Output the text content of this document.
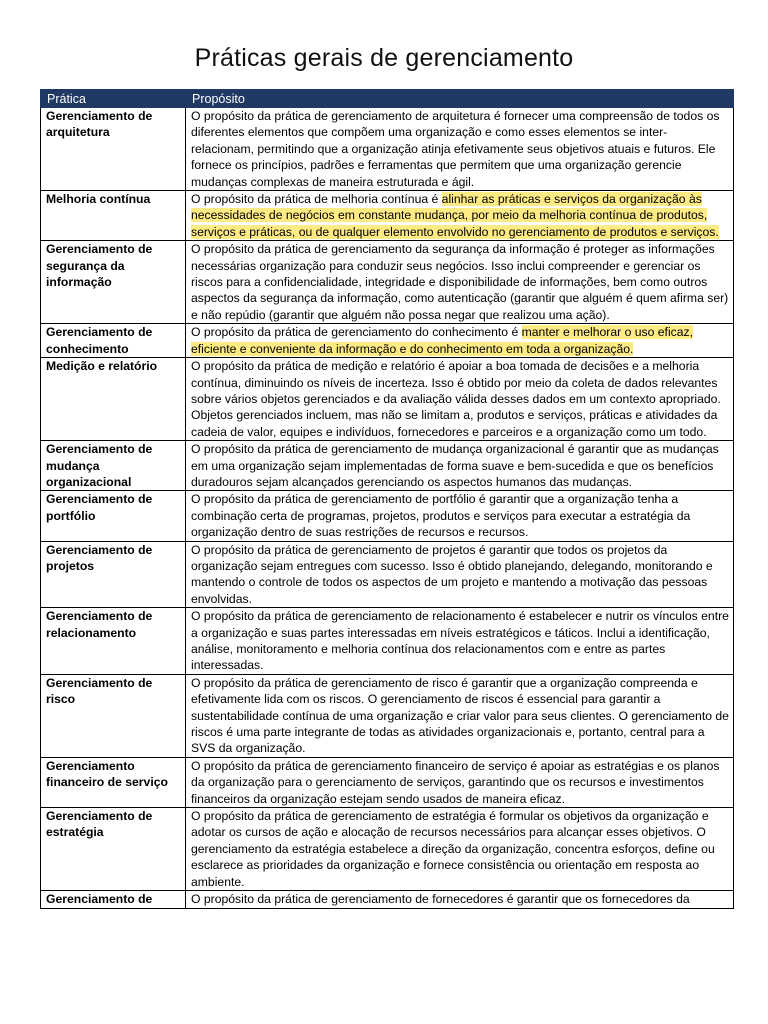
Práticas gerais de gerenciamento
Prática	Propósito
Gerenciamento de arquitetura	O propósito da prática de gerenciamento de arquitetura é fornecer uma compreensão de todos os diferentes elementos que compõem uma organização e como esses elementos se inter-relacionam, permitindo que a organização atinja efetivamente seus objetivos atuais e futuros. Ele fornece os princípios, padrões e ferramentas que permitem que uma organização gerencie mudanças complexas de maneira estruturada e ágil.
Melhoria contínua	O propósito da prática de melhoria contínua é alinhar as práticas e serviços da organização às necessidades de negócios em constante mudança, por meio da melhoria contínua de produtos, serviços e práticas, ou de qualquer elemento envolvido no gerenciamento de produtos e serviços.
Gerenciamento de segurança da informação	O propósito da prática de gerenciamento da segurança da informação é proteger as informações necessárias organização para conduzir seus negócios. Isso inclui compreender e gerenciar os riscos para a confidencialidade, integridade e disponibilidade de informações, bem como outros aspectos da segurança da informação, como autenticação (garantir que alguém é quem afirma ser) e não repúdio (garantir que alguém não possa negar que realizou uma ação).
Gerenciamento de conhecimento	O propósito da prática de gerenciamento do conhecimento é manter e melhorar o uso eficaz, eficiente e conveniente da informação e do conhecimento em toda a organização.
Medição e relatório	O propósito da prática de medição e relatório é apoiar a boa tomada de decisões e a melhoria contínua, diminuindo os níveis de incerteza. Isso é obtido por meio da coleta de dados relevantes sobre vários objetos gerenciados e da avaliação válida desses dados em um contexto apropriado. Objetos gerenciados incluem, mas não se limitam a, produtos e serviços, práticas e atividades da cadeia de valor, equipes e indivíduos, fornecedores e parceiros e a organização como um todo.
Gerenciamento de mudança organizacional	O propósito da prática de gerenciamento de mudança organizacional é garantir que as mudanças em uma organização sejam implementadas de forma suave e bem-sucedida e que os benefícios duradouros sejam alcançados gerenciando os aspectos humanos das mudanças.
Gerenciamento de portfólio	O propósito da prática de gerenciamento de portfólio é garantir que a organização tenha a combinação certa de programas, projetos, produtos e serviços para executar a estratégia da organização dentro de suas restrições de recursos e recursos.
Gerenciamento de projetos	O propósito da prática de gerenciamento de projetos é garantir que todos os projetos da organização sejam entregues com sucesso. Isso é obtido planejando, delegando, monitorando e mantendo o controle de todos os aspectos de um projeto e mantendo a motivação das pessoas envolvidas.
Gerenciamento de relacionamento	O propósito da prática de gerenciamento de relacionamento é estabelecer e nutrir os vínculos entre a organização e suas partes interessadas em níveis estratégicos e táticos. Inclui a identificação, análise, monitoramento e melhoria contínua dos relacionamentos com e entre as partes interessadas.
Gerenciamento de risco	O propósito da prática de gerenciamento de risco é garantir que a organização compreenda e efetivamente lida com os riscos. O gerenciamento de riscos é essencial para garantir a sustentabilidade contínua de uma organização e criar valor para seus clientes. O gerenciamento de riscos é uma parte integrante de todas as atividades organizacionais e, portanto, central para a SVS da organização.
Gerenciamento financeiro de serviço	O propósito da prática de gerenciamento financeiro de serviço é apoiar as estratégias e os planos da organização para o gerenciamento de serviços, garantindo que os recursos e investimentos financeiros da organização estejam sendo usados de maneira eficaz.
Gerenciamento de estratégia	O propósito da prática de gerenciamento de estratégia é formular os objetivos da organização e adotar os cursos de ação e alocação de recursos necessários para alcançar esses objetivos. O gerenciamento da estratégia estabelece a direção da organização, concentra esforços, define ou esclarece as prioridades da organização e fornece consistência ou orientação em resposta ao ambiente.
Gerenciamento de	O propósito da prática de gerenciamento de fornecedores é garantir que os fornecedores da
